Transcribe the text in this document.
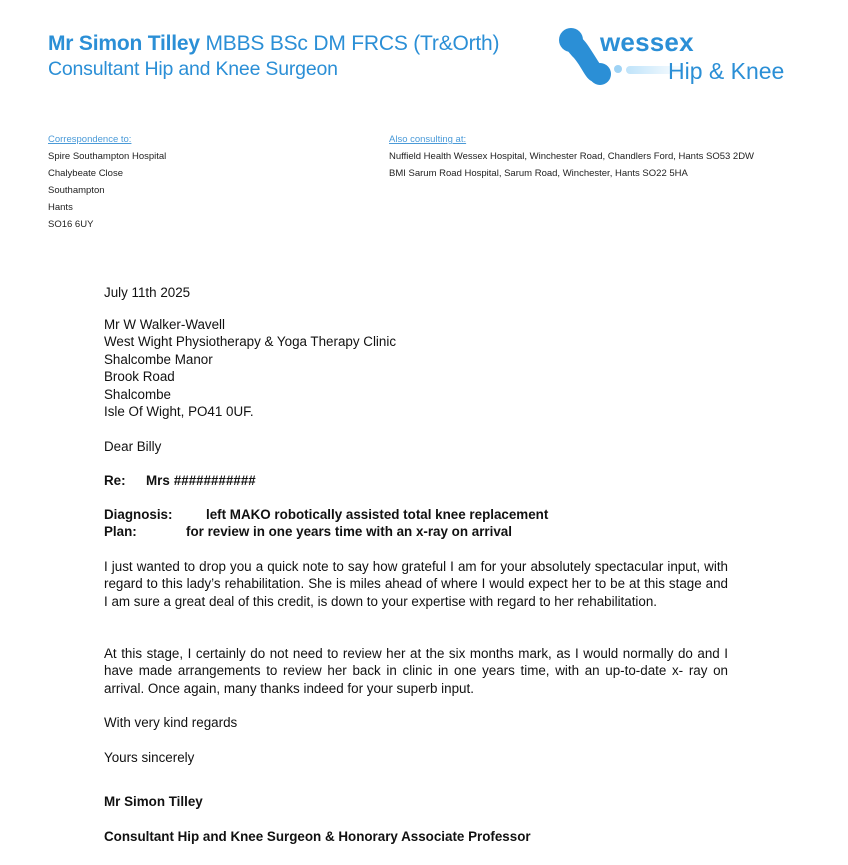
Mr Simon Tilley MBBS BSc DM FRCS (Tr&Orth)
Consultant Hip and Knee Surgeon
wessex
Hip & Knee
Correspondence to:
Spire Southampton Hospital
Chalybeate Close
Southampton
Hants
SO16 6UY
Also consulting at:
Nuffield Health Wessex Hospital, Winchester Road, Chandlers Ford, Hants SO53 2DW
BMI Sarum Road Hospital, Sarum Road, Winchester, Hants SO22 5HA
July 11th 2025
Mr W Walker-Wavell
West Wight Physiotherapy & Yoga Therapy Clinic
Shalcombe Manor
Brook Road
Shalcombe
Isle Of Wight, PO41 0UF.
Dear Billy
Re: Mrs ###########
Diagnosis:	left MAKO robotically assisted total knee replacement
Plan:	for review in one years time with an x-ray on arrival

I just wanted to drop you a quick note to say how grateful I am for your absolutely spectacular input, with regard to this lady’s rehabilitation. She is miles ahead of where I would expect her to be at this stage and I am sure a great deal of this credit, is down to your expertise with regard to her rehabilitation.

At this stage, I certainly do not need to review her at the six months mark, as I would normally do and I have made arrangements to review her back in clinic in one years time, with an up-to-date x- ray on arrival. Once again, many thanks indeed for your superb input.

With very kind regards
Yours sincerely
Mr Simon Tilley
Consultant Hip and Knee Surgeon & Honorary Associate Professor
